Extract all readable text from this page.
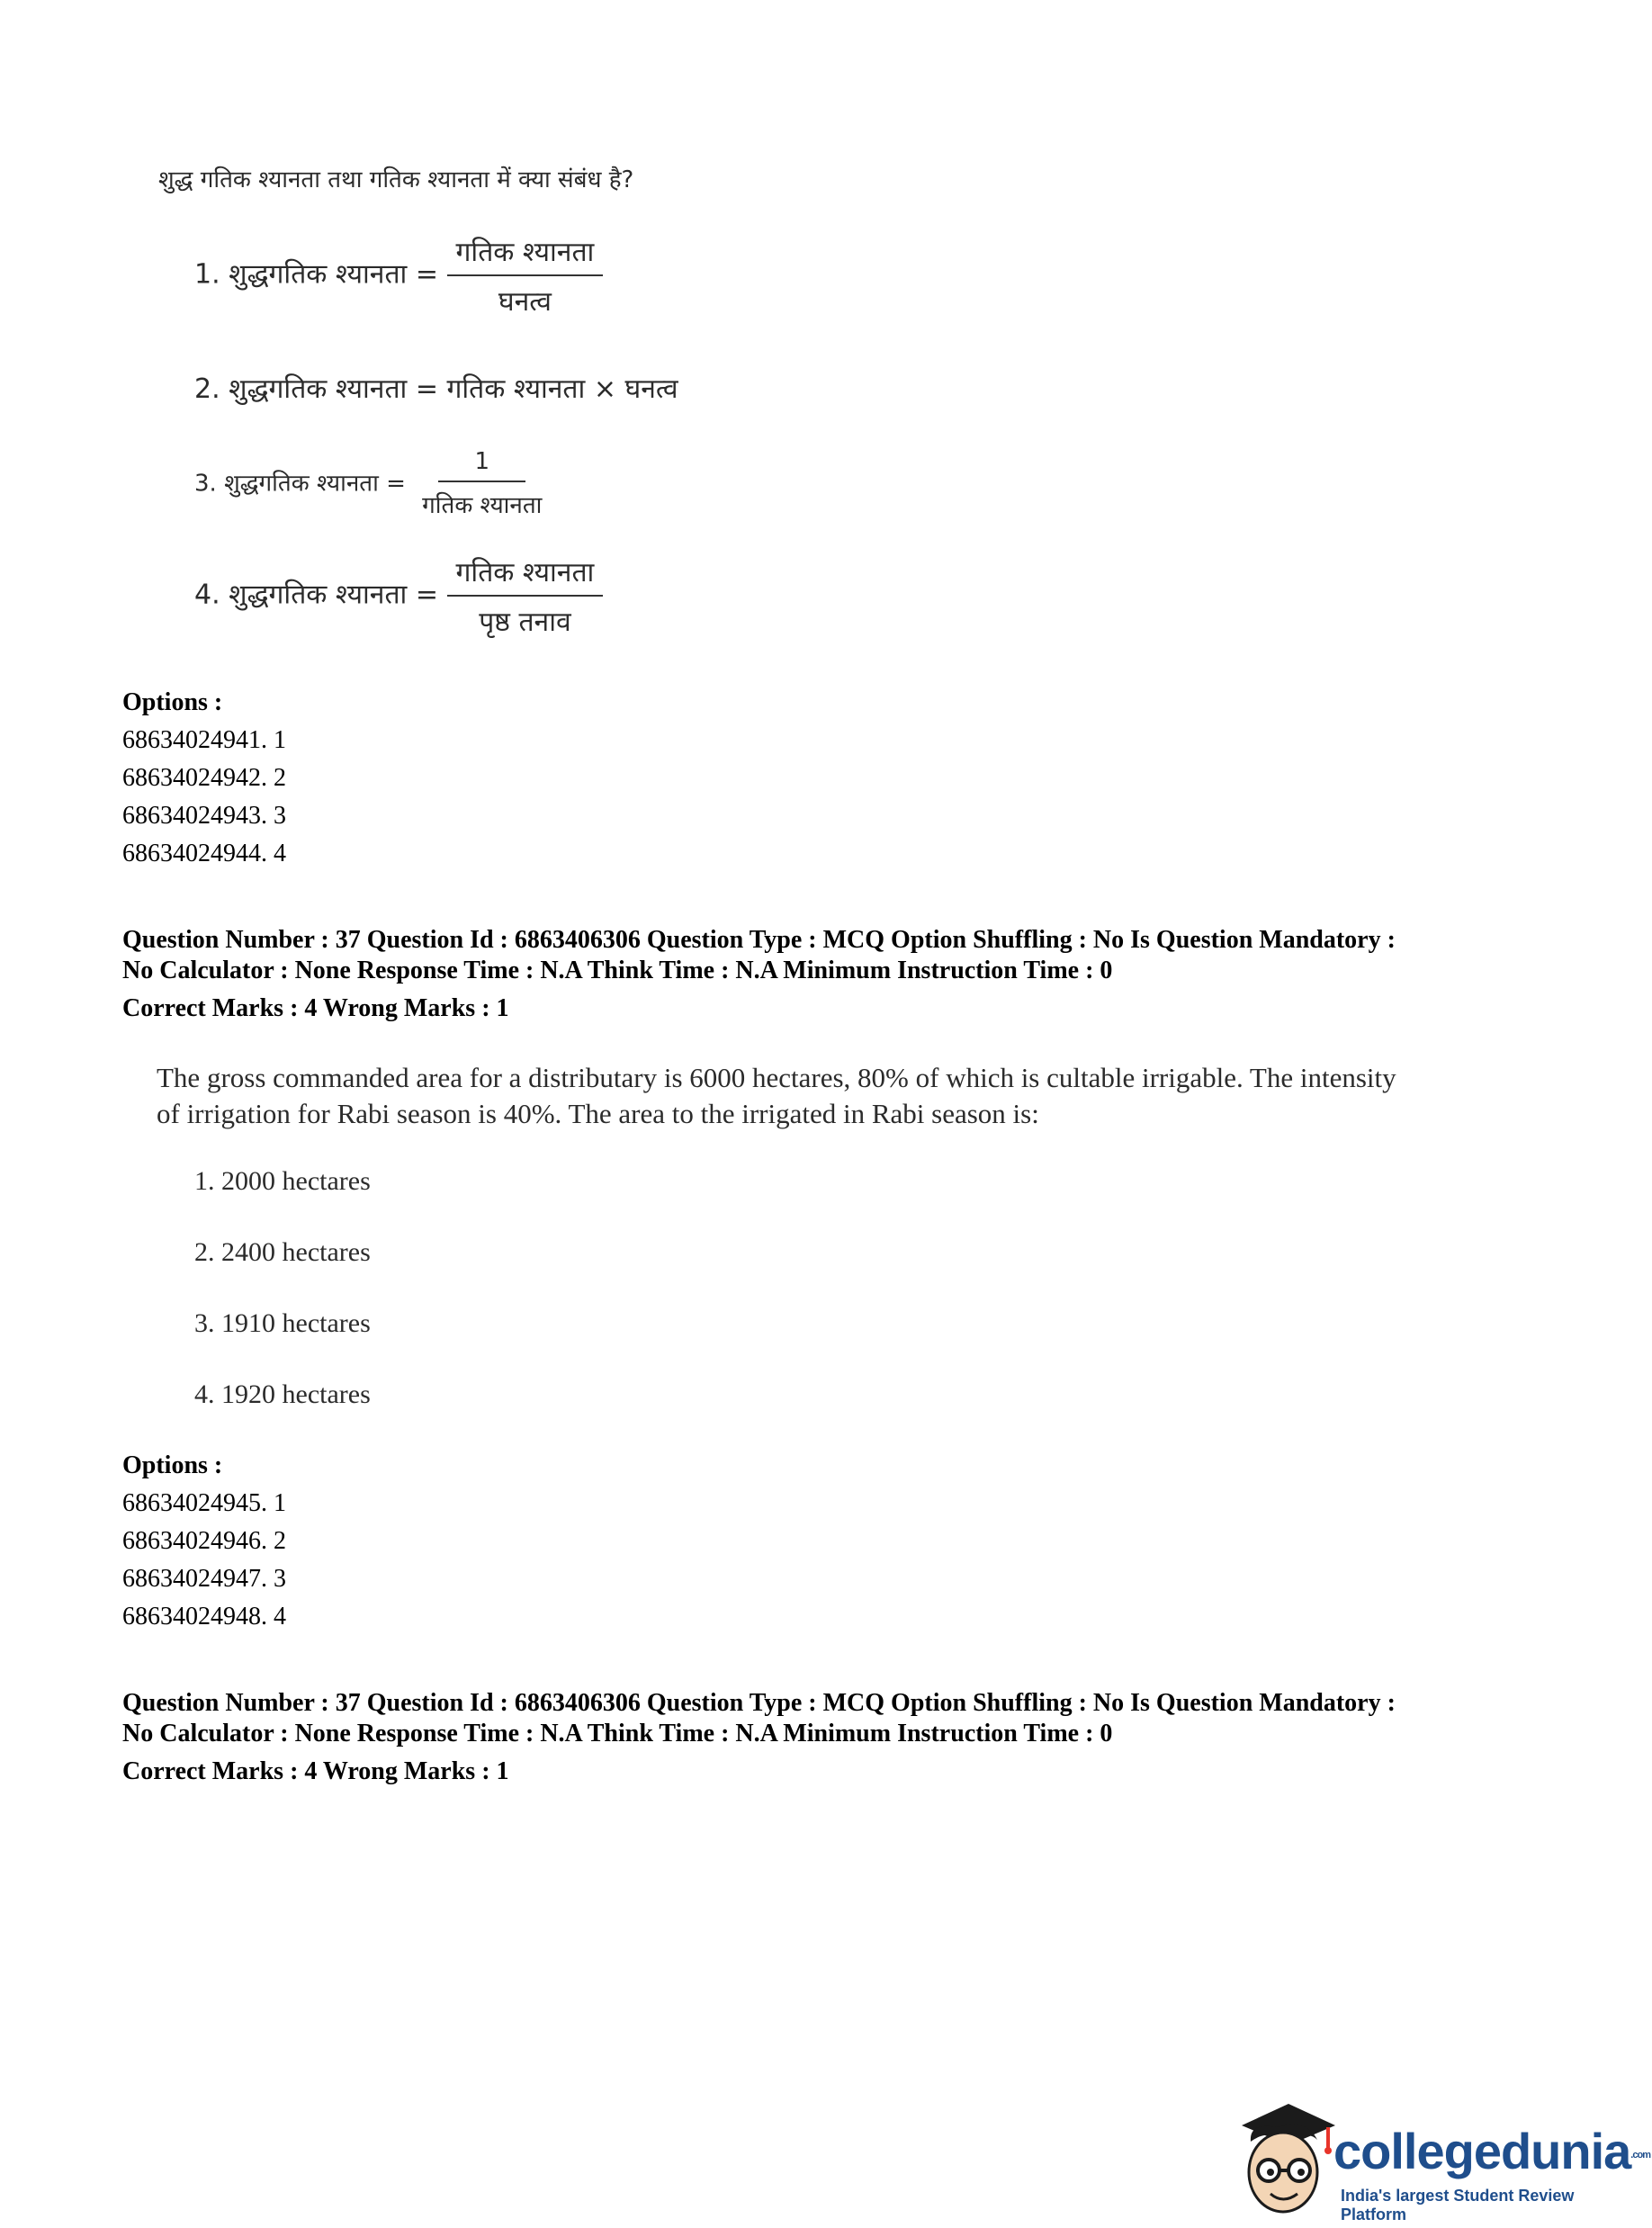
शुद्ध गतिक श्यानता तथा गतिक श्यानता में क्या संबंध है?
1. शुद्धगतिक श्यानता = $\frac{\text{गतिक श्यानता}}{\text{घनत्व}}$
2. शुद्धगतिक श्यानता = गतिक श्यानता × घनत्व
3. शुद्धगतिक श्यानता = $\frac{1}{\text{गतिक श्यानता}}$
4. शुद्धगतिक श्यानता = $\frac{\text{गतिक श्यानता}}{\text{पृष्ठ तनाव}}$
Options :
68634024941. 1
68634024942. 2
68634024943. 3
68634024944. 4
Question Number : 37 Question Id : 6863406306 Question Type : MCQ Option Shuffling : No Is Question Mandatory :
No Calculator : None Response Time : N.A Think Time : N.A Minimum Instruction Time : 0
Correct Marks : 4 Wrong Marks : 1
The gross commanded area for a distributary is 6000 hectares, 80% of which is cultable irrigable. The intensity
of irrigation for Rabi season is 40%. The area to the irrigated in Rabi season is:
1. 2000 hectares
2. 2400 hectares
3. 1910 hectares
4. 1920 hectares
Options :
68634024945. 1
68634024946. 2
68634024947. 3
68634024948. 4
Question Number : 37 Question Id : 6863406306 Question Type : MCQ Option Shuffling : No Is Question Mandatory :
No Calculator : None Response Time : N.A Think Time : N.A Minimum Instruction Time : 0
Correct Marks : 4 Wrong Marks : 1
collegedunia.com
India's largest Student Review Platform
